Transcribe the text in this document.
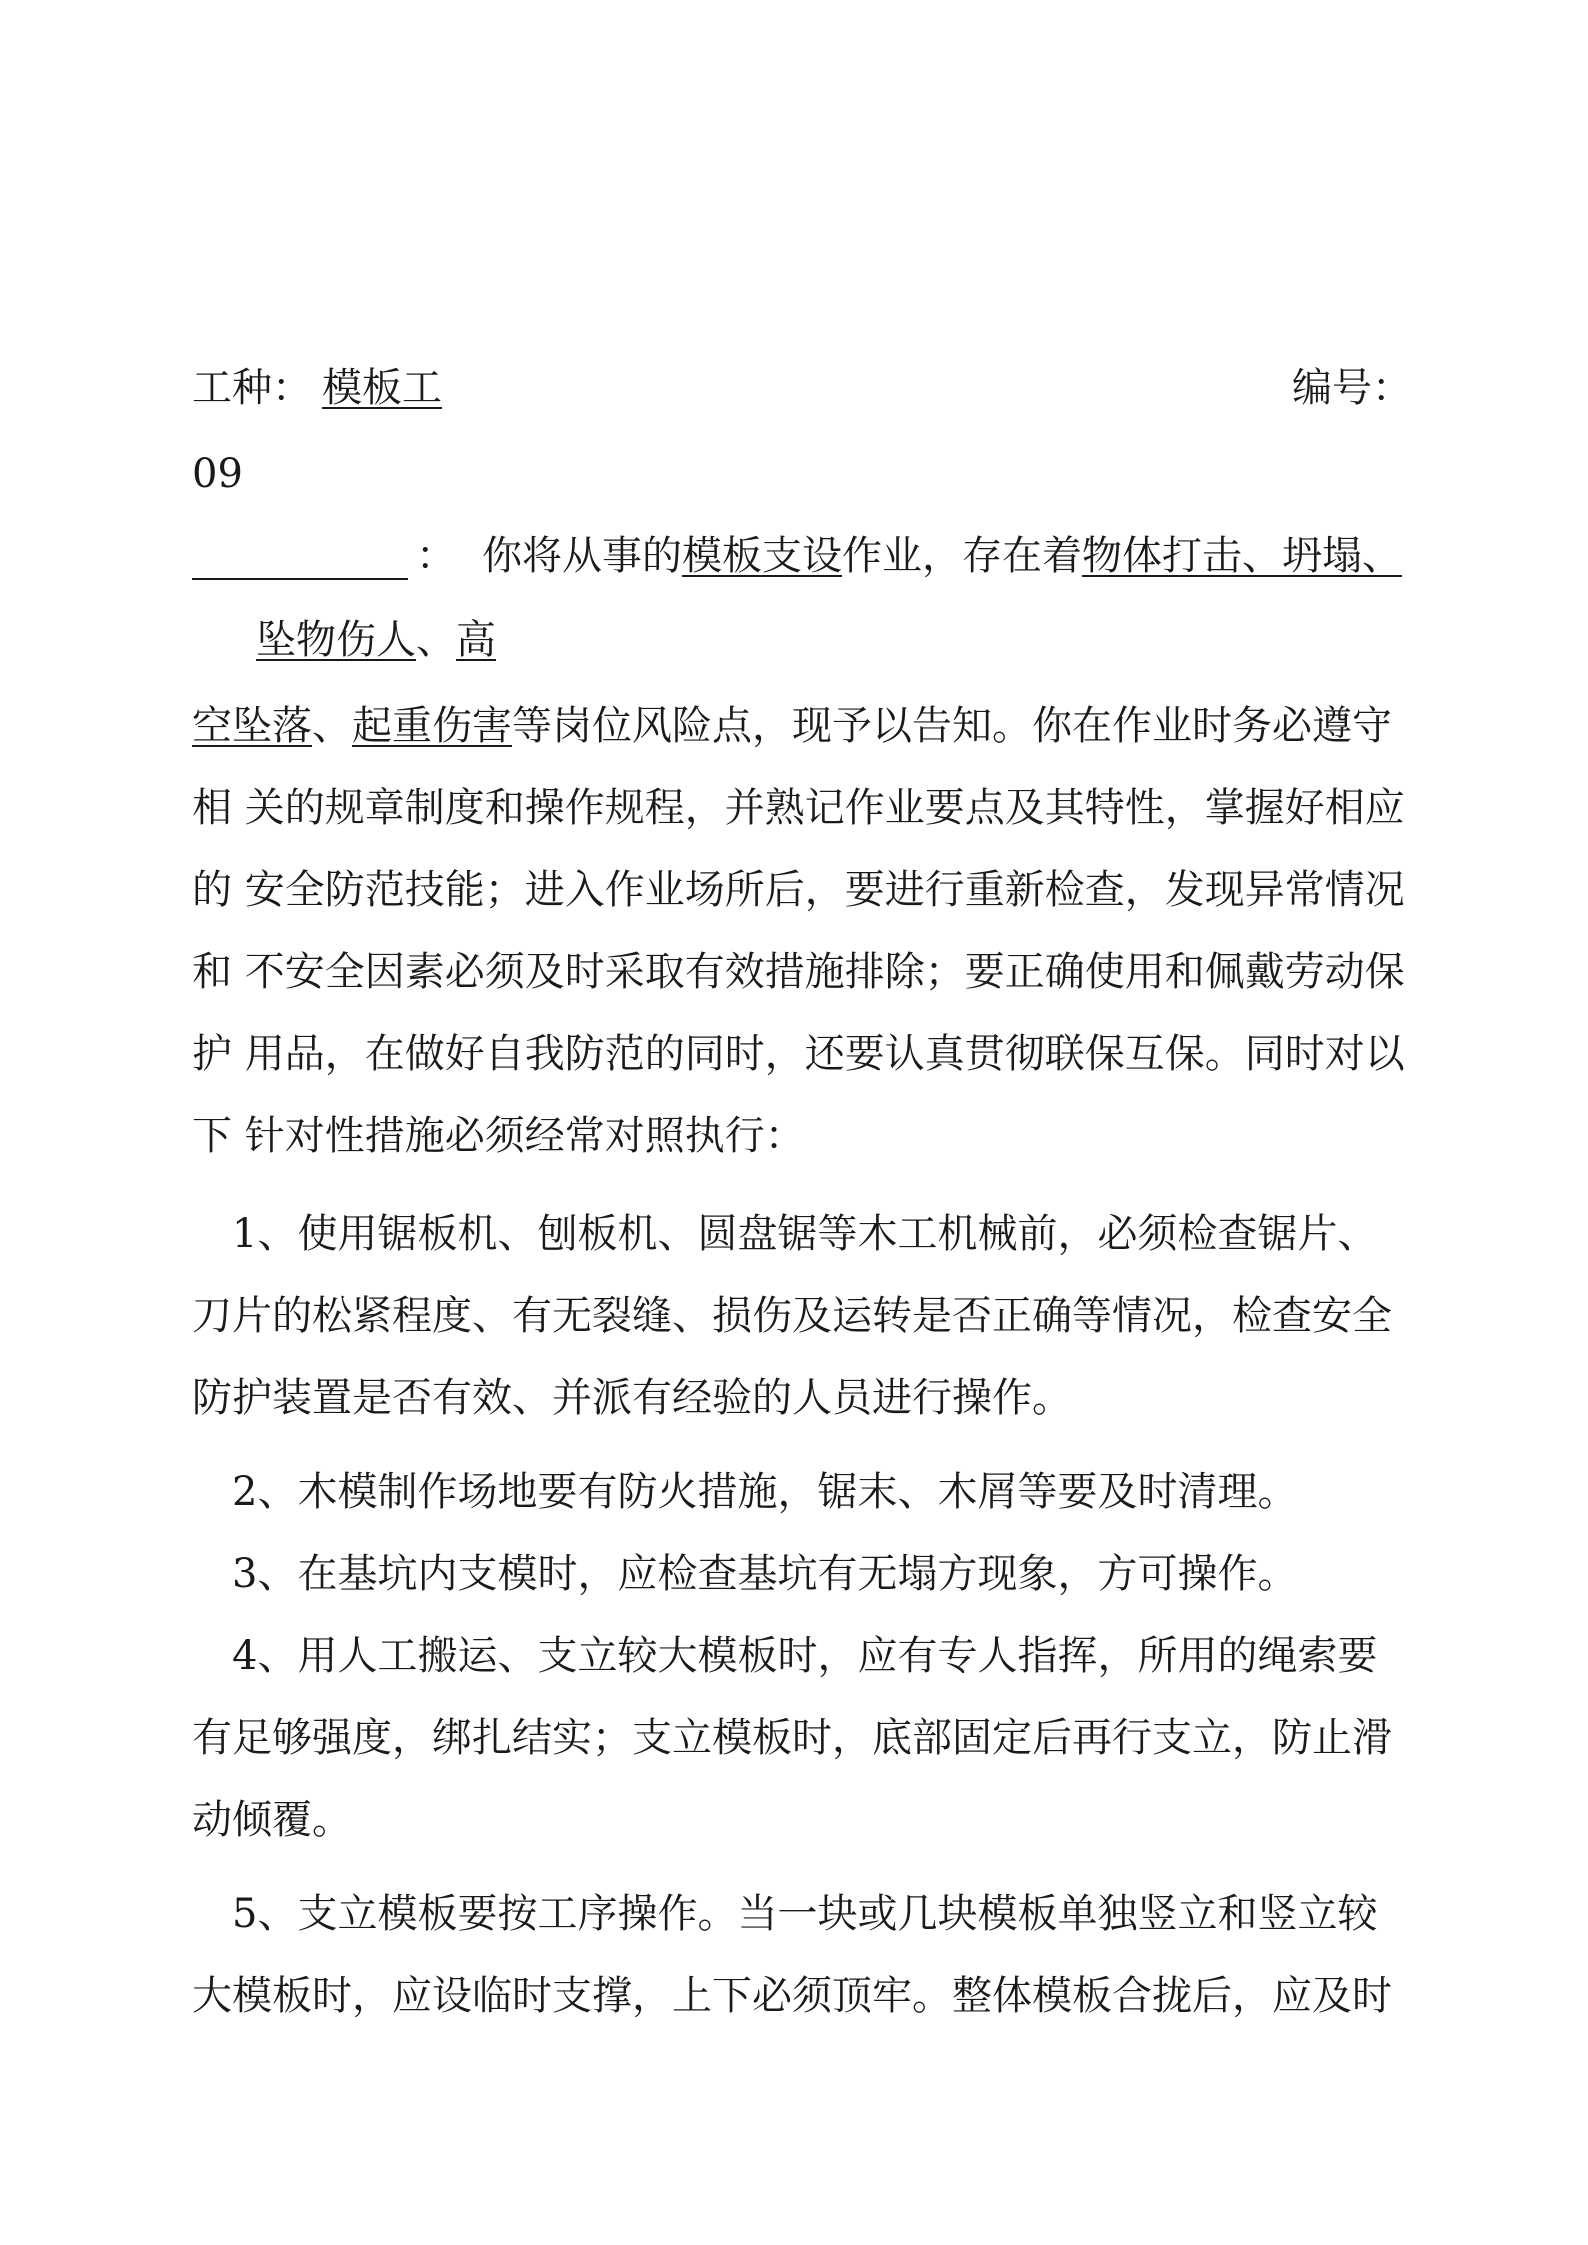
工种： 模板工	编号：
09
： 你将从事的模板支设作业，存在着物体打击、坍塌、
坠物伤人、高
空坠落、起重伤害等岗位风险点，现予以告知。你在作业时务必遵守
相 关的规章制度和操作规程，并熟记作业要点及其特性，掌握好相应
的 安全防范技能；进入作业场所后，要进行重新检查，发现异常情况
和 不安全因素必须及时采取有效措施排除；要正确使用和佩戴劳动保
护 用品，在做好自我防范的同时，还要认真贯彻联保互保。同时对以
下 针对性措施必须经常对照执行：
　1、使用锯板机、刨板机、圆盘锯等木工机械前，必须检查锯片、
刀片的松紧程度、有无裂缝、损伤及运转是否正确等情况，检查安全
防护装置是否有效、并派有经验的人员进行操作。
　2、木模制作场地要有防火措施，锯末、木屑等要及时清理。
　3、在基坑内支模时，应检查基坑有无塌方现象，方可操作。
　4、用人工搬运、支立较大模板时，应有专人指挥，所用的绳索要
有足够强度，绑扎结实；支立模板时，底部固定后再行支立，防止滑
动倾覆。
　5、支立模板要按工序操作。当一块或几块模板单独竖立和竖立较
大模板时，应设临时支撑，上下必须顶牢。整体模板合拢后，应及时
